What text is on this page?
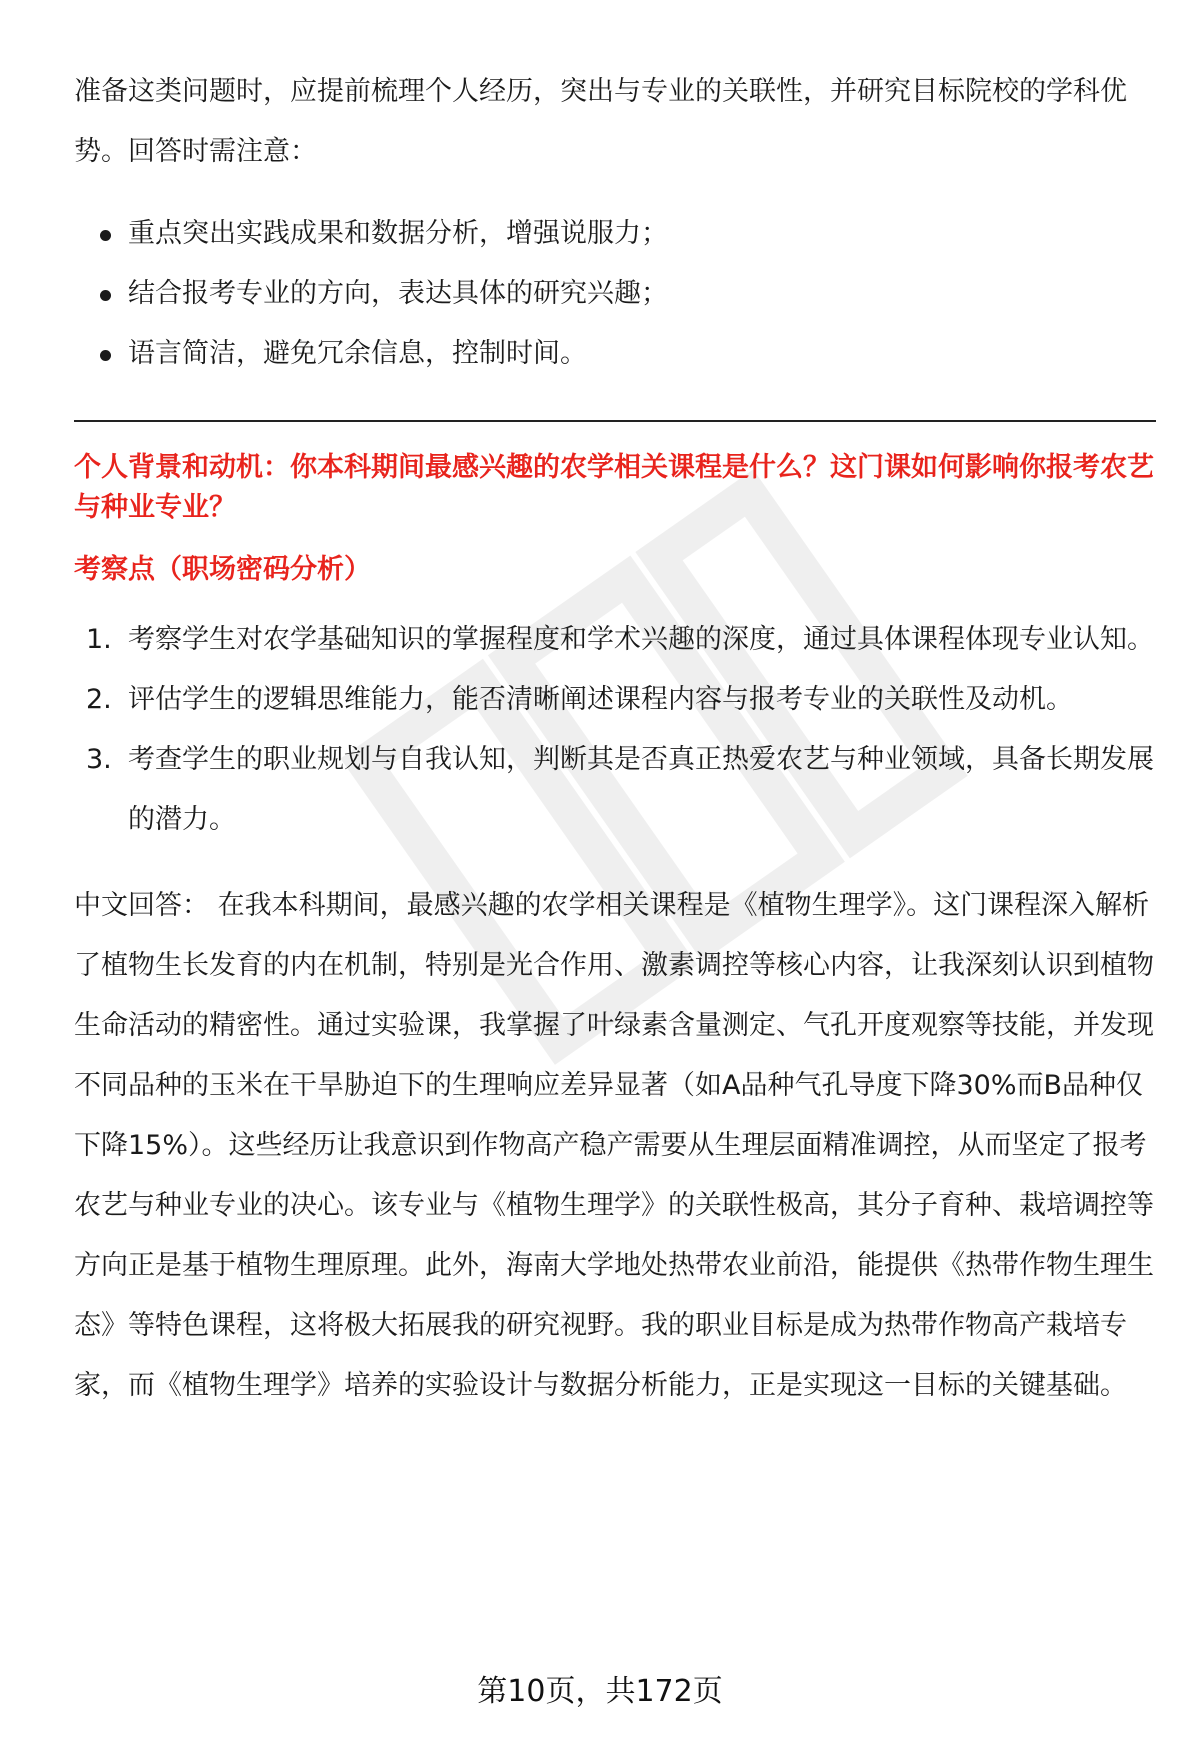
准备这类问题时，应提前梳理个人经历，突出与专业的关联性，并研究目标院校的学科优势。回答时需注意：

重点突出实践成果和数据分析，增强说服力；
结合报考专业的方向，表达具体的研究兴趣；
语言简洁，避免冗余信息，控制时间。

个人背景和动机：你本科期间最感兴趣的农学相关课程是什么？这门课如何影响你报考农艺与种业专业？

考察点（职场密码分析）

1. 考察学生对农学基础知识的掌握程度和学术兴趣的深度，通过具体课程体现专业认知。
2. 评估学生的逻辑思维能力，能否清晰阐述课程内容与报考专业的关联性及动机。
3. 考查学生的职业规划与自我认知，判断其是否真正热爱农艺与种业领域，具备长期发展的潜力。

中文回答： 在我本科期间，最感兴趣的农学相关课程是《植物生理学》。这门课程深入解析了植物生长发育的内在机制，特别是光合作用、激素调控等核心内容，让我深刻认识到植物生命活动的精密性。通过实验课，我掌握了叶绿素含量测定、气孔开度观察等技能，并发现不同品种的玉米在干旱胁迫下的生理响应差异显著（如A品种气孔导度下降30%而B品种仅下降15%）。这些经历让我意识到作物高产稳产需要从生理层面精准调控，从而坚定了报考农艺与种业专业的决心。该专业与《植物生理学》的关联性极高，其分子育种、栽培调控等方向正是基于植物生理原理。此外，海南大学地处热带农业前沿，能提供《热带作物生理生态》等特色课程，这将极大拓展我的研究视野。我的职业目标是成为热带作物高产栽培专家，而《植物生理学》培养的实验设计与数据分析能力，正是实现这一目标的关键基础。

第10页，共172页
